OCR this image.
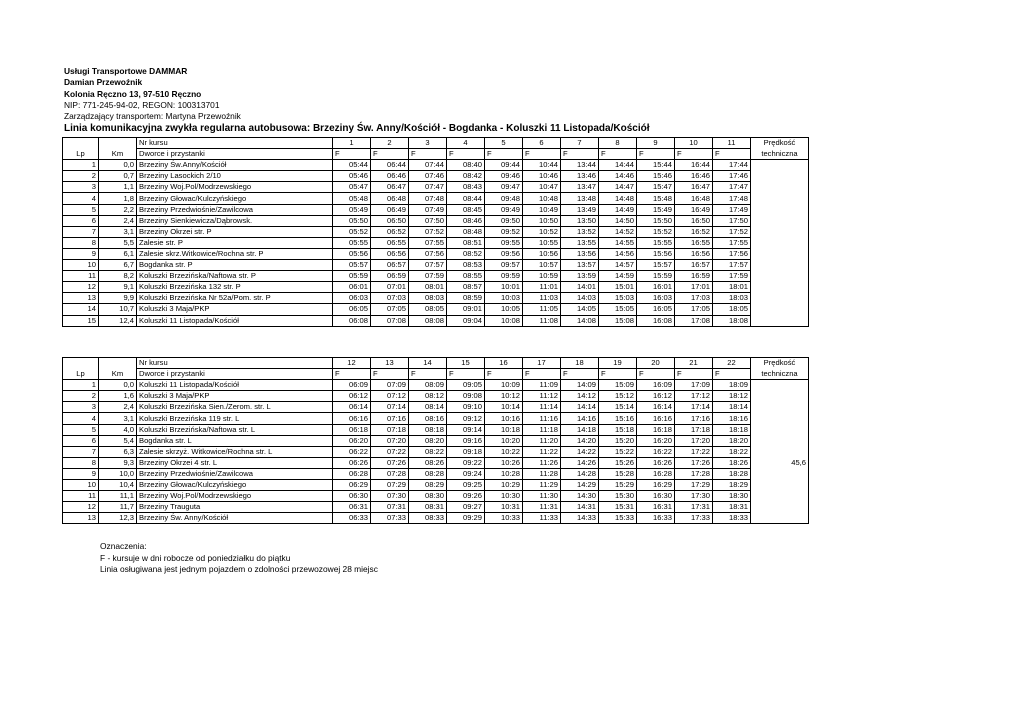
Usługi Transportowe DAMMAR
Damian Przewoźnik
Kolonia Ręczno 13, 97-510 Ręczno
NIP: 771-245-94-02, REGON: 100313701
Zarządzający transportem: Martyna Przewoźnik
Linia komunikacyjna zwykła regularna autobusowa: Brzeziny Św. Anny/Kościół - Bogdanka - Koluszki 11 Listopada/Kościół
		Nr kursu	1	2	3	4	5	6	7	8	9	10	11	Prędkość
Lp	Km	Dworce i przystanki	F	F	F	F	F	F	F	F	F	F	F	techniczna
1	0,0	Brzeziny Św.Anny/Kościół	05:44	06:44	07:44	08:40	09:44	10:44	13:44	14:44	15:44	16:44	17:44	
2	0,7	Brzeziny Lasockich 2/10	05:46	06:46	07:46	08:42	09:46	10:46	13:46	14:46	15:46	16:46	17:46	
3	1,1	Brzeziny Woj.Pol/Modrzewskiego	05:47	06:47	07:47	08:43	09:47	10:47	13:47	14:47	15:47	16:47	17:47	
4	1,8	Brzeziny Głowac/Kulczyńskiego	05:48	06:48	07:48	08:44	09:48	10:48	13:48	14:48	15:48	16:48	17:48	
5	2,2	Brzeziny Przedwiośnie/Zawilcowa	05:49	06:49	07:49	08:45	09:49	10:49	13:49	14:49	15:49	16:49	17:49	
6	2,4	Brzeziny Sienkiewicza/Dąbrowsk.	05:50	06:50	07:50	08:46	09:50	10:50	13:50	14:50	15:50	16:50	17:50	
7	3,1	Brzeziny Okrzei str. P	05:52	06:52	07:52	08:48	09:52	10:52	13:52	14:52	15:52	16:52	17:52	
8	5,5	Zalesie str. P	05:55	06:55	07:55	08:51	09:55	10:55	13:55	14:55	15:55	16:55	17:55	
9	6,1	Zalesie skrz.Witkowice/Rochna str. P	05:56	06:56	07:56	08:52	09:56	10:56	13:56	14:56	15:56	16:56	17:56	
10	6,7	Bogdanka str. P	05:57	06:57	07:57	08:53	09:57	10:57	13:57	14:57	15:57	16:57	17:57	
11	8,2	Koluszki Brzezińska/Naftowa str. P	05:59	06:59	07:59	08:55	09:59	10:59	13:59	14:59	15:59	16:59	17:59	
12	9,1	Koluszki Brzezińska 132 str. P	06:01	07:01	08:01	08:57	10:01	11:01	14:01	15:01	16:01	17:01	18:01	
13	9,9	Koluszki Brzezińska Nr 52a/Pom. str. P	06:03	07:03	08:03	08:59	10:03	11:03	14:03	15:03	16:03	17:03	18:03	
14	10,7	Koluszki 3 Maja/PKP	06:05	07:05	08:05	09:01	10:05	11:05	14:05	15:05	16:05	17:05	18:05	
15	12,4	Koluszki 11 Listopada/Kościół	06:08	07:08	08:08	09:04	10:08	11:08	14:08	15:08	16:08	17:08	18:08	
		Nr kursu	12	13	14	15	16	17	18	19	20	21	22	Prędkość
Lp	Km	Dworce i przystanki	F	F	F	F	F	F	F	F	F	F	F	techniczna
1	0,0	Koluszki 11 Listopada/Kościół	06:09	07:09	08:09	09:05	10:09	11:09	14:09	15:09	16:09	17:09	18:09	
2	1,6	Koluszki 3 Maja/PKP	06:12	07:12	08:12	09:08	10:12	11:12	14:12	15:12	16:12	17:12	18:12	
3	2,4	Koluszki Brzezińska Sien./Zerom. str. L	06:14	07:14	08:14	09:10	10:14	11:14	14:14	15:14	16:14	17:14	18:14	
4	3,1	Koluszki Brzezińska 119 str. L	06:16	07:16	08:16	09:12	10:16	11:16	14:16	15:16	16:16	17:16	18:16	
5	4,0	Koluszki Brzezińska/Naftowa str. L	06:18	07:18	08:18	09:14	10:18	11:18	14:18	15:18	16:18	17:18	18:18	
6	5,4	Bogdanka str. L	06:20	07:20	08:20	09:16	10:20	11:20	14:20	15:20	16:20	17:20	18:20	
7	6,3	Zalesie skrzyż. Witkowice/Rochna str. L	06:22	07:22	08:22	09:18	10:22	11:22	14:22	15:22	16:22	17:22	18:22	
8	9,3	Brzeziny Okrzei 4 str. L	06:26	07:26	08:26	09:22	10:26	11:26	14:26	15:26	16:26	17:26	18:26	45,6
9	10,0	Brzeziny Przedwiośnie/Zawilcowa	06:28	07:28	08:28	09:24	10:28	11:28	14:28	15:28	16:28	17:28	18:28	
10	10,4	Brzeziny Głowac/Kulczyńskiego	06:29	07:29	08:29	09:25	10:29	11:29	14:29	15:29	16:29	17:29	18:29	
11	11,1	Brzeziny Woj.Pol/Modrzewskiego	06:30	07:30	08:30	09:26	10:30	11:30	14:30	15:30	16:30	17:30	18:30	
12	11,7	Brzeziny Trauguta	06:31	07:31	08:31	09:27	10:31	11:31	14:31	15:31	16:31	17:31	18:31	
13	12,3	Brzeziny Św. Anny/Kościół	06:33	07:33	08:33	09:29	10:33	11:33	14:33	15:33	16:33	17:33	18:33	
Oznaczenia:
F - kursuje w dni robocze od poniedziałku do piątku
Linia osługiwana jest jednym pojazdem o zdolności przewozowej 28 miejsc
